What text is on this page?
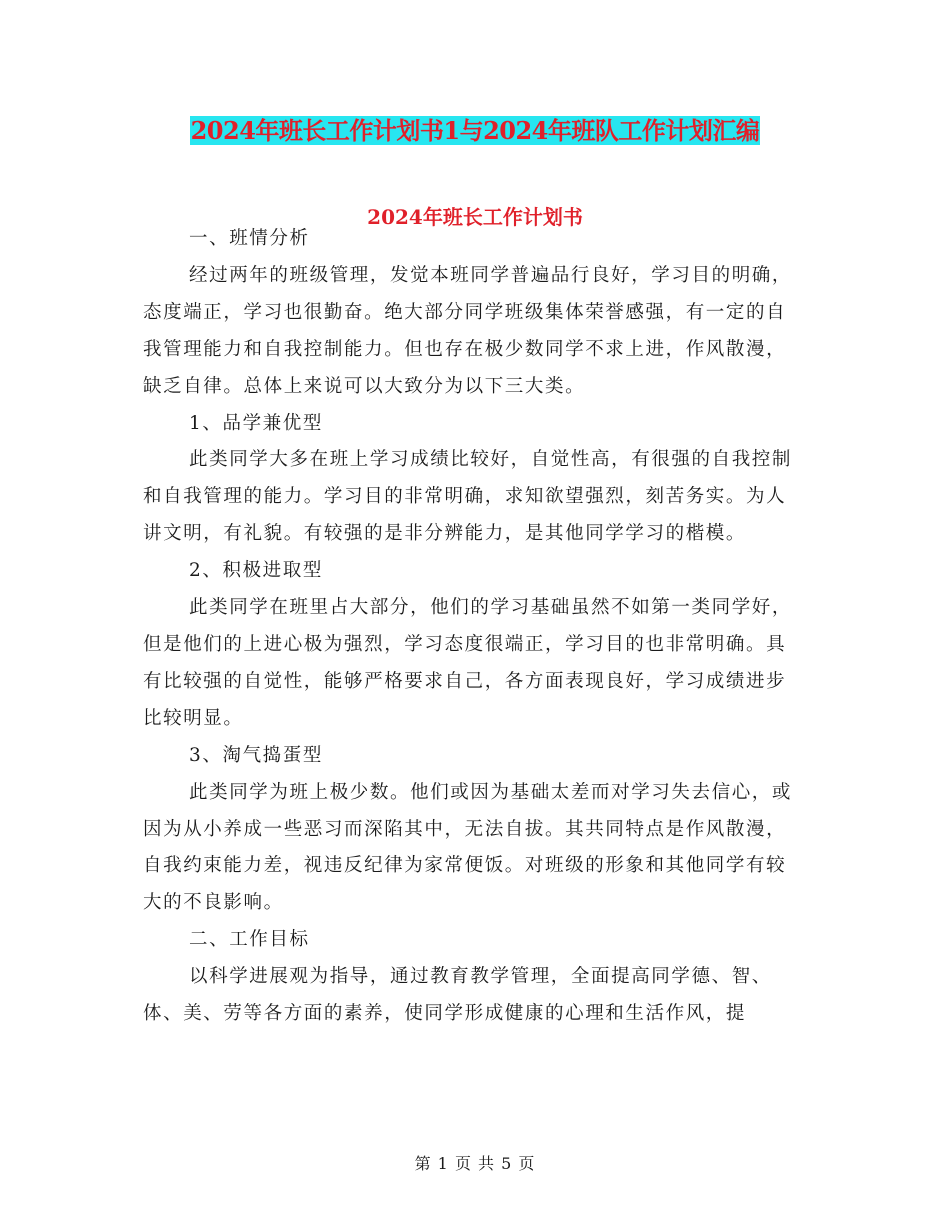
2024年班长工作计划书1与2024年班队工作计划汇编
2024年班长工作计划书

一、班情分析

经过两年的班级管理，发觉本班同学普遍品行良好，学习目的明确，态度端正，学习也很勤奋。绝大部分同学班级集体荣誉感强，有一定的自我管理能力和自我控制能力。但也存在极少数同学不求上进，作风散漫，缺乏自律。总体上来说可以大致分为以下三大类。

1、品学兼优型

此类同学大多在班上学习成绩比较好，自觉性高，有很强的自我控制和自我管理的能力。学习目的非常明确，求知欲望强烈，刻苦务实。为人讲文明，有礼貌。有较强的是非分辨能力，是其他同学学习的楷模。

2、积极进取型

此类同学在班里占大部分，他们的学习基础虽然不如第一类同学好，但是他们的上进心极为强烈，学习态度很端正，学习目的也非常明确。具有比较强的自觉性，能够严格要求自己，各方面表现良好，学习成绩进步比较明显。

3、淘气捣蛋型

此类同学为班上极少数。他们或因为基础太差而对学习失去信心，或因为从小养成一些恶习而深陷其中，无法自拔。其共同特点是作风散漫，自我约束能力差，视违反纪律为家常便饭。对班级的形象和其他同学有较大的不良影响。

二、工作目标

以科学进展观为指导，通过教育教学管理，全面提高同学德、智、体、美、劳等各方面的素养，使同学形成健康的心理和生活作风，提

第 1 页 共 5 页
